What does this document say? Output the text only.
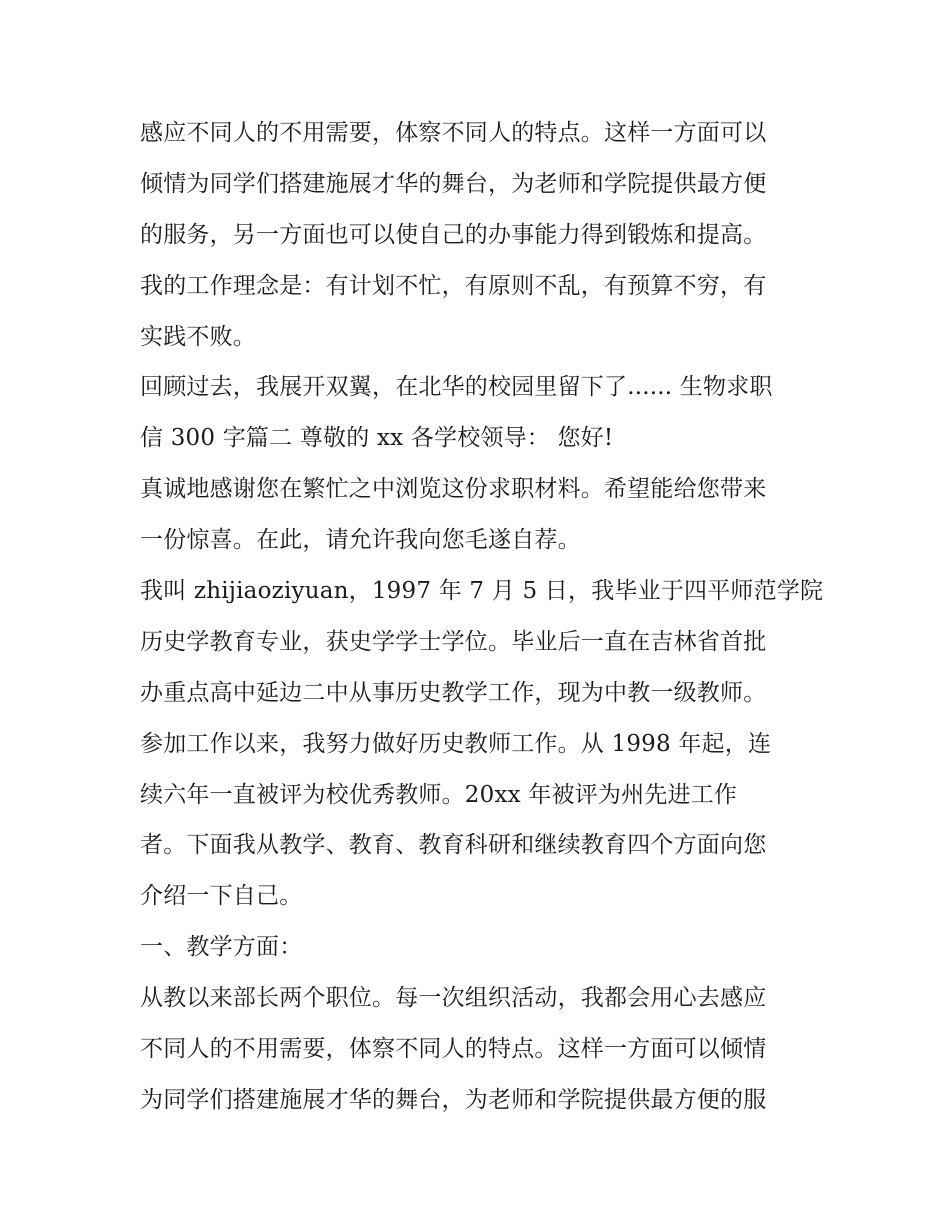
感应不同人的不用需要，体察不同人的特点。这样一方面可以
倾情为同学们搭建施展才华的舞台，为老师和学院提供最方便
的服务，另一方面也可以使自己的办事能力得到锻炼和提高。
我的工作理念是：有计划不忙，有原则不乱，有预算不穷，有
实践不败。
回顾过去，我展开双翼，在北华的校园里留下了...... 生物求职
信 300 字篇二 尊敬的 xx 各学校领导： 您好!
真诚地感谢您在繁忙之中浏览这份求职材料。希望能给您带来
一份惊喜。在此，请允许我向您毛遂自荐。
我叫 zhijiaoziyuan，1997 年 7 月 5 日，我毕业于四平师范学院
历史学教育专业，获史学学士学位。毕业后一直在吉林省首批
办重点高中延边二中从事历史教学工作，现为中教一级教师。
参加工作以来，我努力做好历史教师工作。从 1998 年起，连
续六年一直被评为校优秀教师。20xx 年被评为州先进工作
者。下面我从教学、教育、教育科研和继续教育四个方面向您
介绍一下自己。
一、教学方面：
从教以来部长两个职位。每一次组织活动，我都会用心去感应
不同人的不用需要，体察不同人的特点。这样一方面可以倾情
为同学们搭建施展才华的舞台，为老师和学院提供最方便的服
